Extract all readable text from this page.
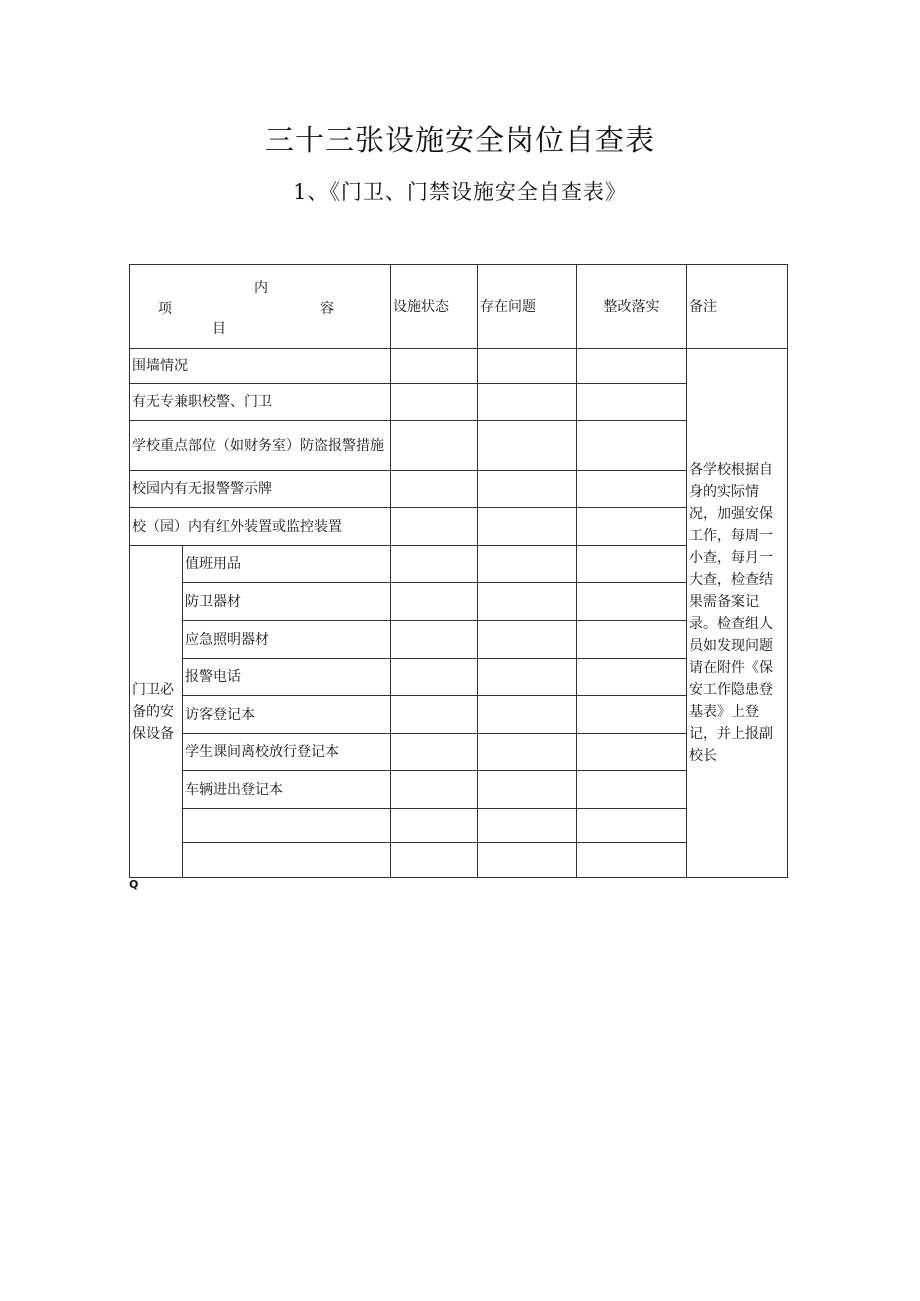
三十三张设施安全岗位自查表
1、《门卫、门禁设施安全自查表》
内
项 容
目		设施状态	存在问题	整改落实	备注
围墙情况					各学校根据自身的实际情况，加强安保工作，每周一小查，每月一大查，检查结果需备案记录。检查组人员如发现问题请在附件《保安工作隐患登基表》上登记，并上报副校长
有无专兼职校警、门卫					
学校重点部位（如财务室）防盗报警措施					
校园内有无报警警示牌					
校（园）内有红外装置或监控装置					
门卫必备的安保设备	值班用品				
	防卫器材				
	应急照明器材				
	报警电话				
	访客登记本				
	学生课间离校放行登记本				
	车辆进出登记本				

Q
